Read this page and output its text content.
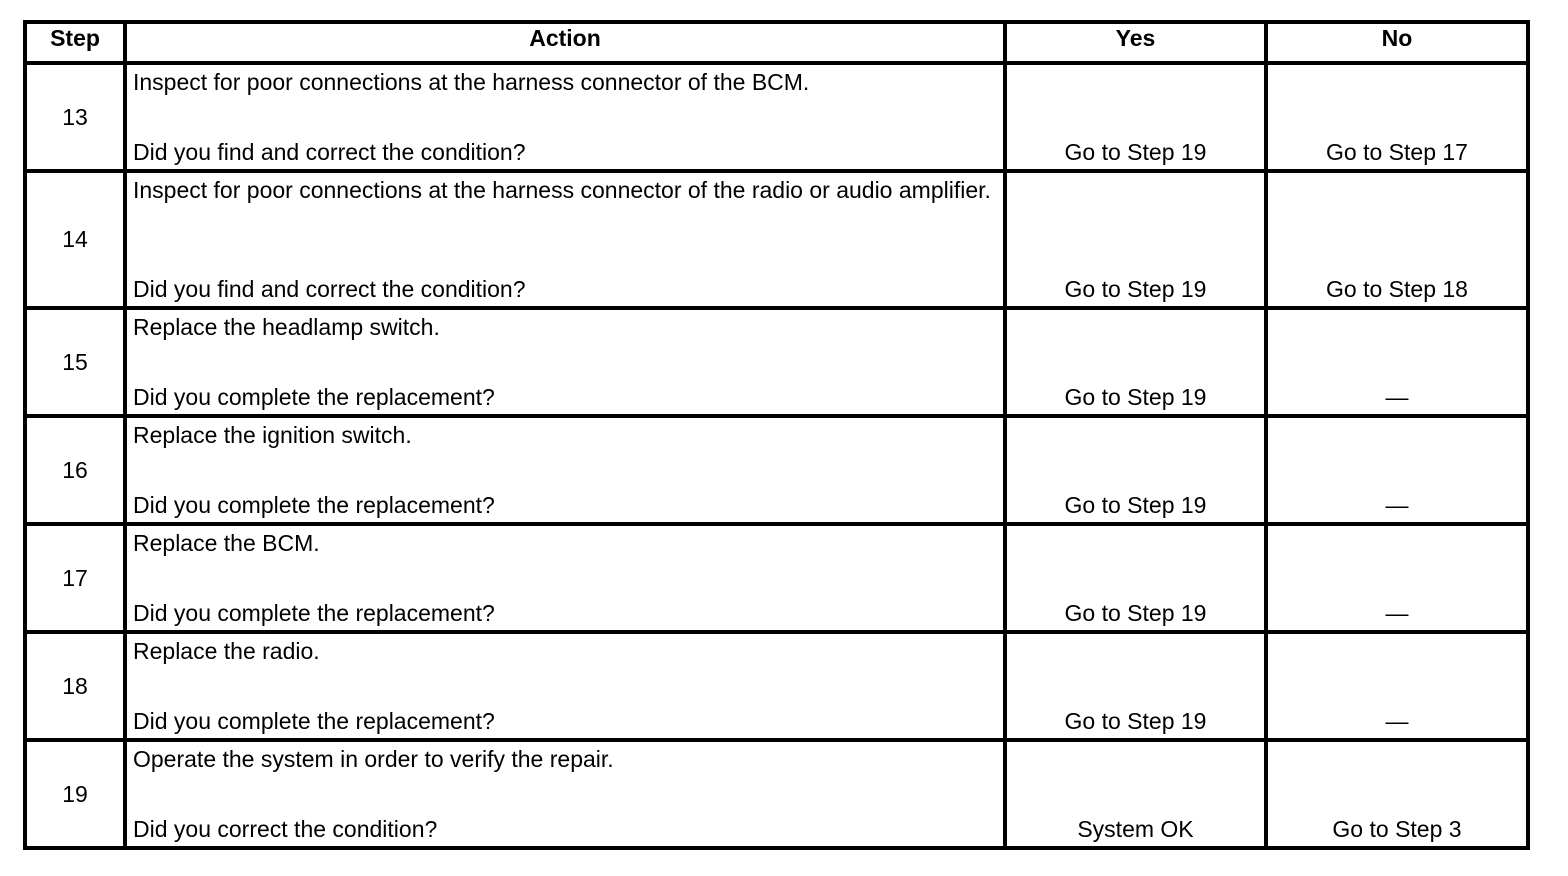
Step	Action	Yes	No
13	Inspect for poor connections at the harness connector of the BCM.
Did you find and correct the condition?	Go to Step 19	Go to Step 17
14	Inspect for poor connections at the harness connector of the radio or audio amplifier.
Did you find and correct the condition?	Go to Step 19	Go to Step 18
15	Replace the headlamp switch.
Did you complete the replacement?	Go to Step 19	—
16	Replace the ignition switch.
Did you complete the replacement?	Go to Step 19	—
17	Replace the BCM.
Did you complete the replacement?	Go to Step 19	—
18	Replace the radio.
Did you complete the replacement?	Go to Step 19	—
19	Operate the system in order to verify the repair.
Did you correct the condition?	System OK	Go to Step 3
